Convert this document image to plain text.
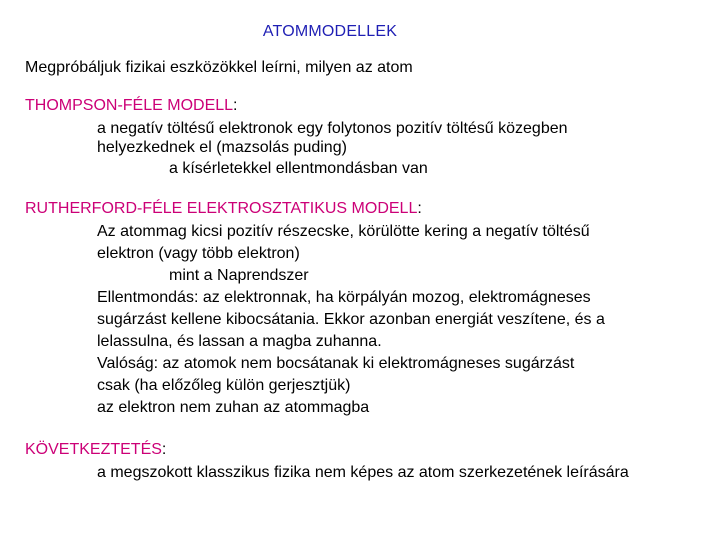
ATOMMODELLEK
Megpróbáljuk fizikai eszközökkel leírni, milyen az atom
THOMPSON-FÉLE MODELL:
a negatív töltésű elektronok egy folytonos pozitív töltésű közegben
helyezkednek el (mazsolás puding)
a kísérletekkel ellentmondásban van
RUTHERFORD-FÉLE ELEKTROSZTATIKUS MODELL:
Az atommag kicsi pozitív részecske, körülötte kering a negatív töltésű
elektron (vagy több elektron)
mint a Naprendszer
Ellentmondás: az elektronnak, ha körpályán mozog, elektromágneses
sugárzást kellene kibocsátania. Ekkor azonban energiát veszítene, és a
lelassulna, és lassan a magba zuhanna.
Valóság: az atomok nem bocsátanak ki elektromágneses sugárzást
csak (ha előzőleg külön gerjesztjük)
az elektron nem zuhan az atommagba
KÖVETKEZTETÉS:
a megszokott klasszikus fizika nem képes az atom szerkezetének leírására
